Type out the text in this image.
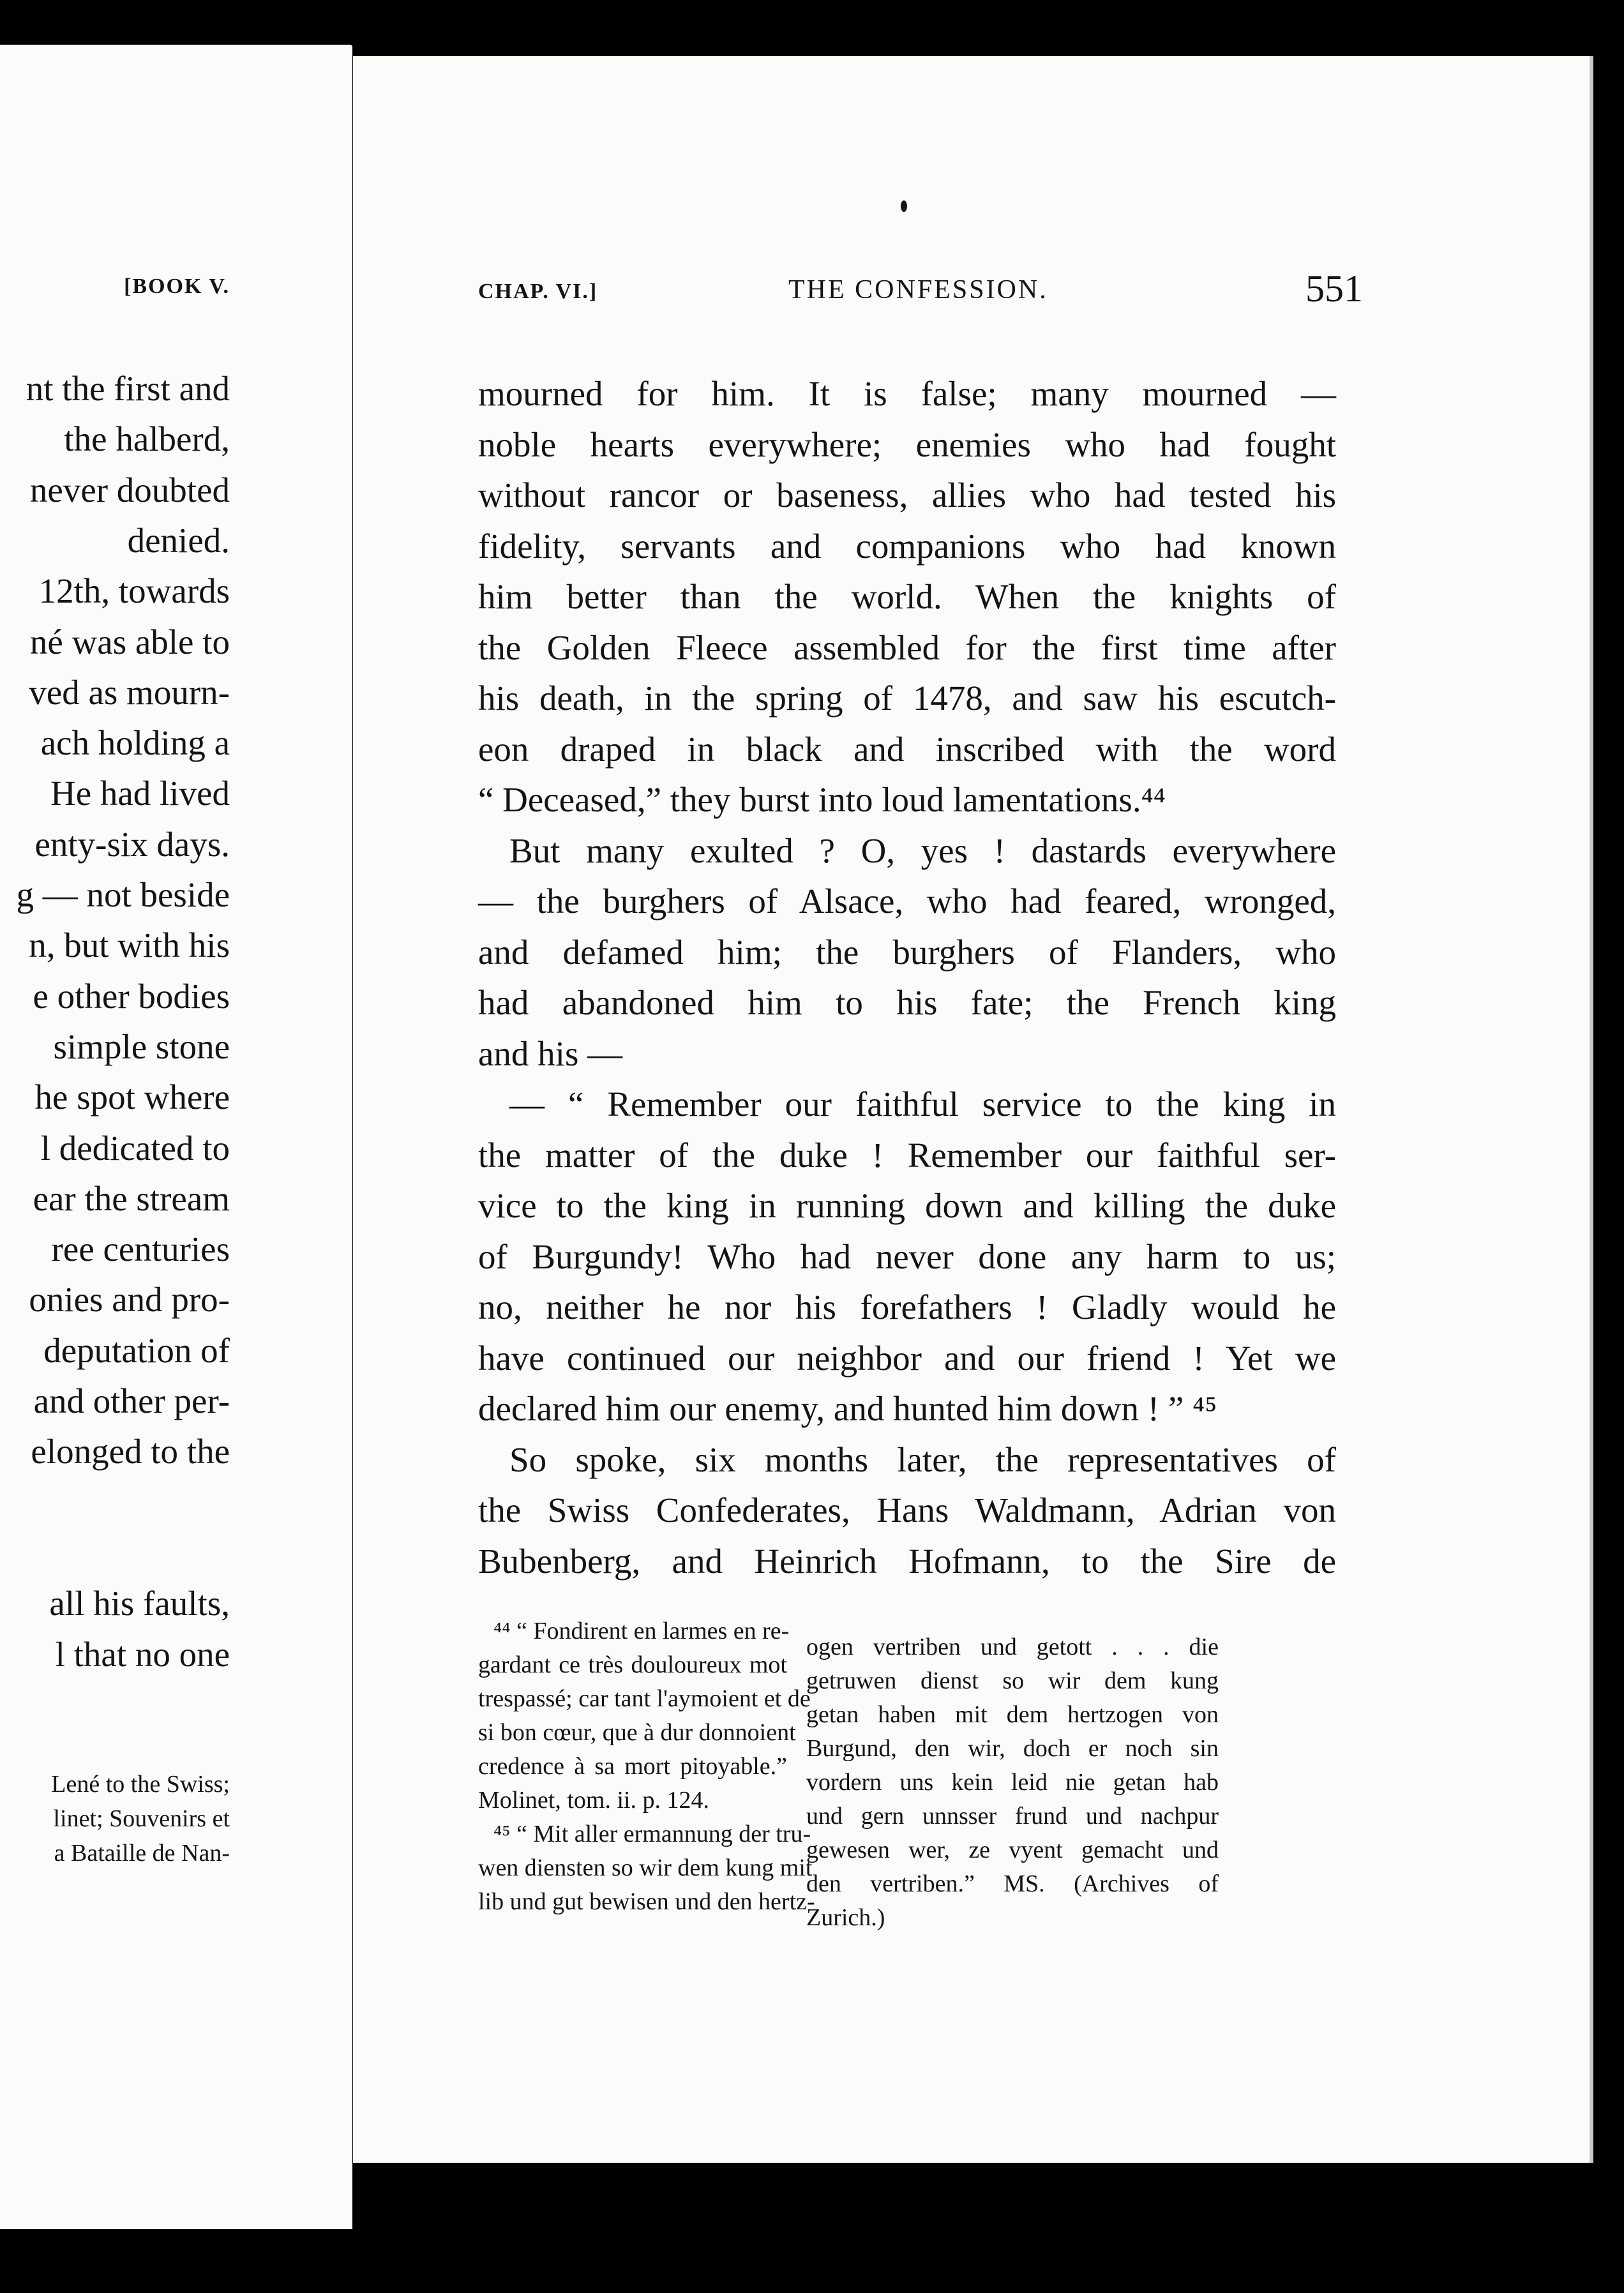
[BOOK V.
nt the first and
the halberd,
never doubted
denied.
12th, towards
né was able to
ved as mourn-
ach holding a
He had lived
enty-six days.
g — not beside
n, but with his
e other bodies
simple stone
he spot where
l dedicated to
ear the stream
ree centuries
onies and pro-
deputation of
and other per-
elonged to the
all his faults,
l that no one
Lené to the Swiss;
linet; Souvenirs et
a Bataille de Nan-
CHAP. VI.]	THE CONFESSION.	551
mourned for him. It is false; many mourned —
noble hearts everywhere; enemies who had fought
without rancor or baseness, allies who had tested his
fidelity, servants and companions who had known
him better than the world. When the knights of
the Golden Fleece assembled for the first time after
his death, in the spring of 1478, and saw his escutch-
eon draped in black and inscribed with the word
“ Deceased,” they burst into loud lamentations.⁴⁴
But many exulted ? O, yes ! dastards everywhere
— the burghers of Alsace, who had feared, wronged,
and defamed him; the burghers of Flanders, who
had abandoned him to his fate; the French king
and his —
— “ Remember our faithful service to the king in
the matter of the duke ! Remember our faithful ser-
vice to the king in running down and killing the duke
of Burgundy! Who had never done any harm to us;
no, neither he nor his forefathers ! Gladly would he
have continued our neighbor and our friend ! Yet we
declared him our enemy, and hunted him down ! ” ⁴⁵
So spoke, six months later, the representatives of
the Swiss Confederates, Hans Waldmann, Adrian von
Bubenberg, and Heinrich Hofmann, to the Sire de
⁴⁴ “ Fondirent en larmes en re-
gardant ce très douloureux mot
trespassé; car tant l'aymoient et de
si bon cœur, que à dur donnoient
credence à sa mort pitoyable.”
Molinet, tom. ii. p. 124.
⁴⁵ “ Mit aller ermannung der tru-
wen diensten so wir dem kung mit
lib und gut bewisen und den hertz-
ogen vertriben und getott . . . die
getruwen dienst so wir dem kung
getan haben mit dem hertzogen von
Burgund, den wir, doch er noch sin
vordern uns kein leid nie getan hab
und gern unnsser frund und nachpur
gewesen wer, ze vyent gemacht und
den vertriben.” MS. (Archives of
Zurich.)
